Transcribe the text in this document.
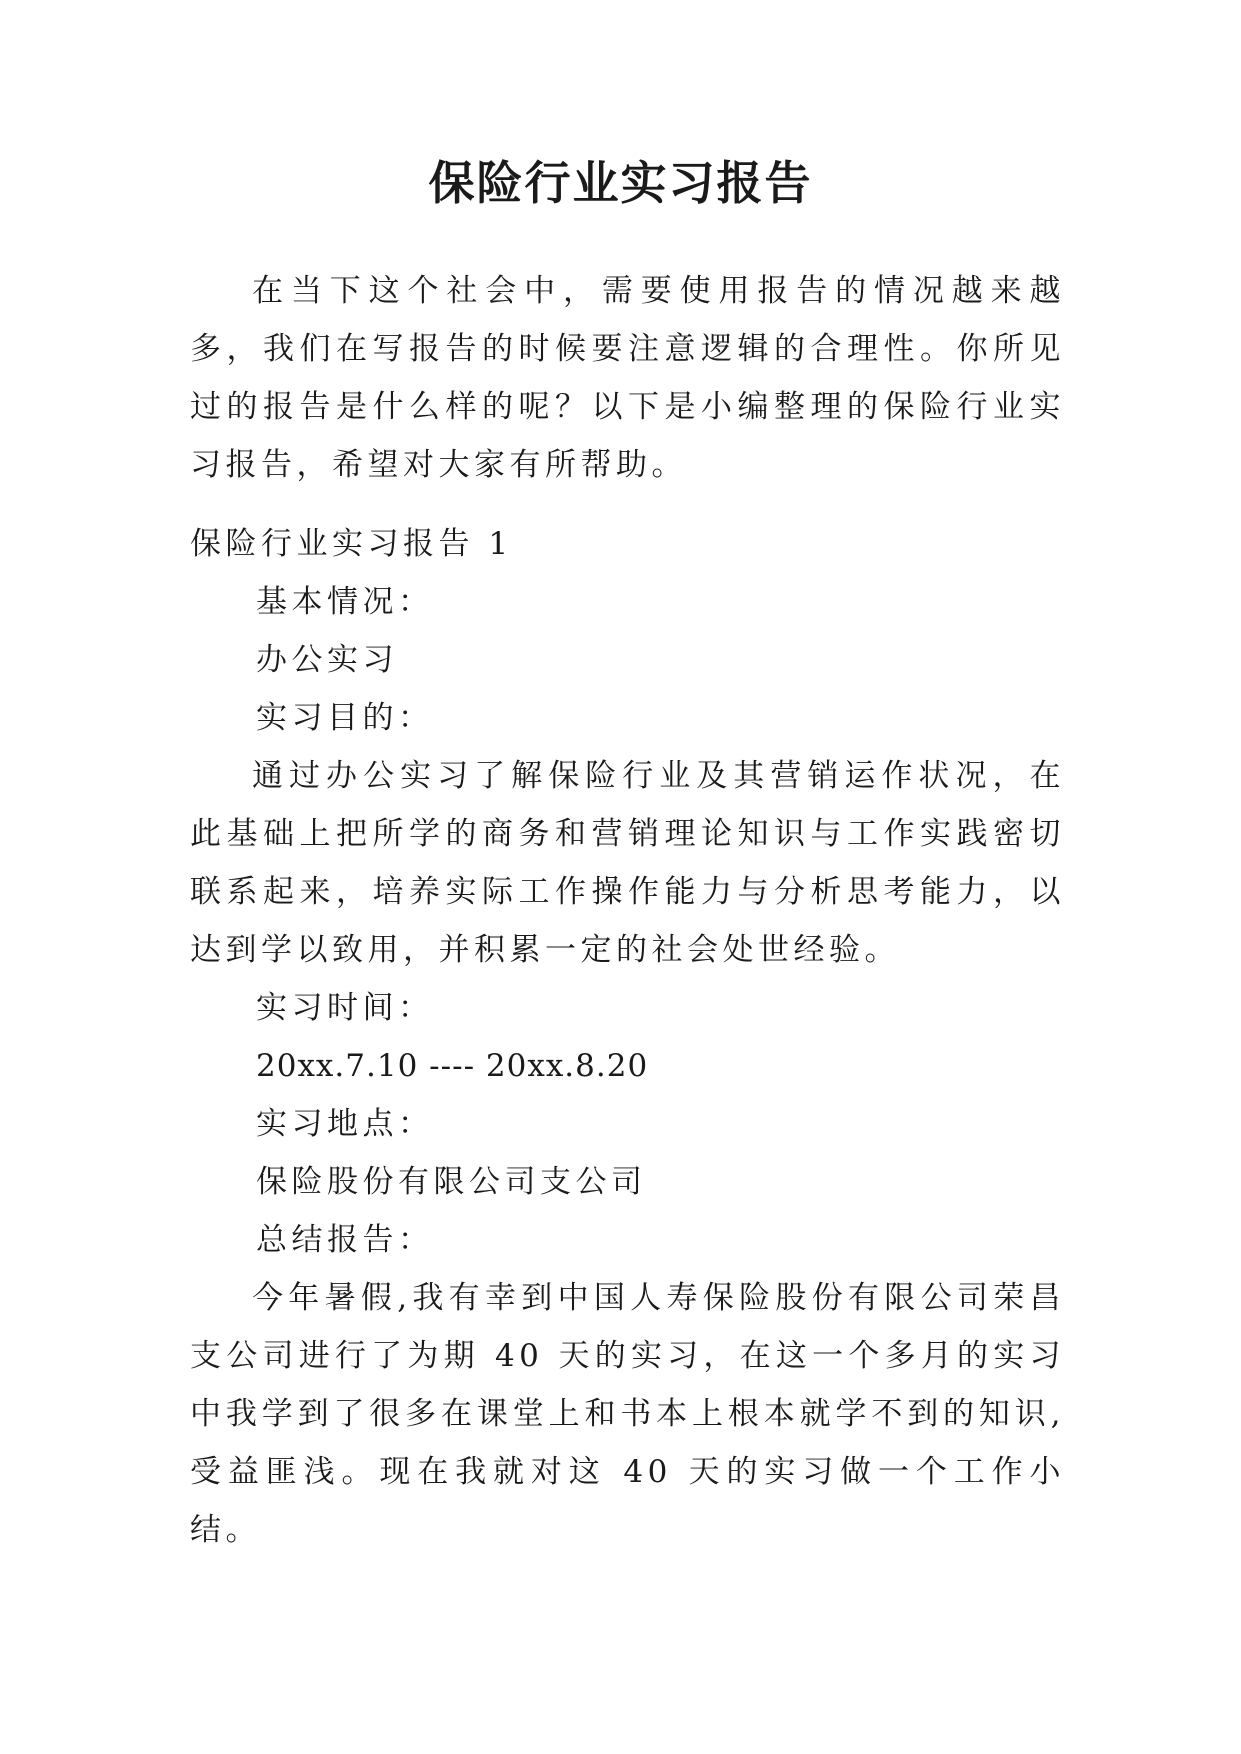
保险行业实习报告

在当下这个社会中，需要使用报告的情况越来越多，我们在写报告的时候要注意逻辑的合理性。你所见过的报告是什么样的呢？以下是小编整理的保险行业实习报告，希望对大家有所帮助。

保险行业实习报告 1

基本情况：

办公实习

实习目的：

通过办公实习了解保险行业及其营销运作状况，在此基础上把所学的商务和营销理论知识与工作实践密切联系起来，培养实际工作操作能力与分析思考能力，以达到学以致用，并积累一定的社会处世经验。

实习时间：

20xx.7.10 ---- 20xx.8.20

实习地点：

保险股份有限公司支公司

总结报告：

今年暑假,我有幸到中国人寿保险股份有限公司荣昌支公司进行了为期 40 天的实习，在这一个多月的实习中我学到了很多在课堂上和书本上根本就学不到的知识,受益匪浅。现在我就对这 40 天的实习做一个工作小结。
